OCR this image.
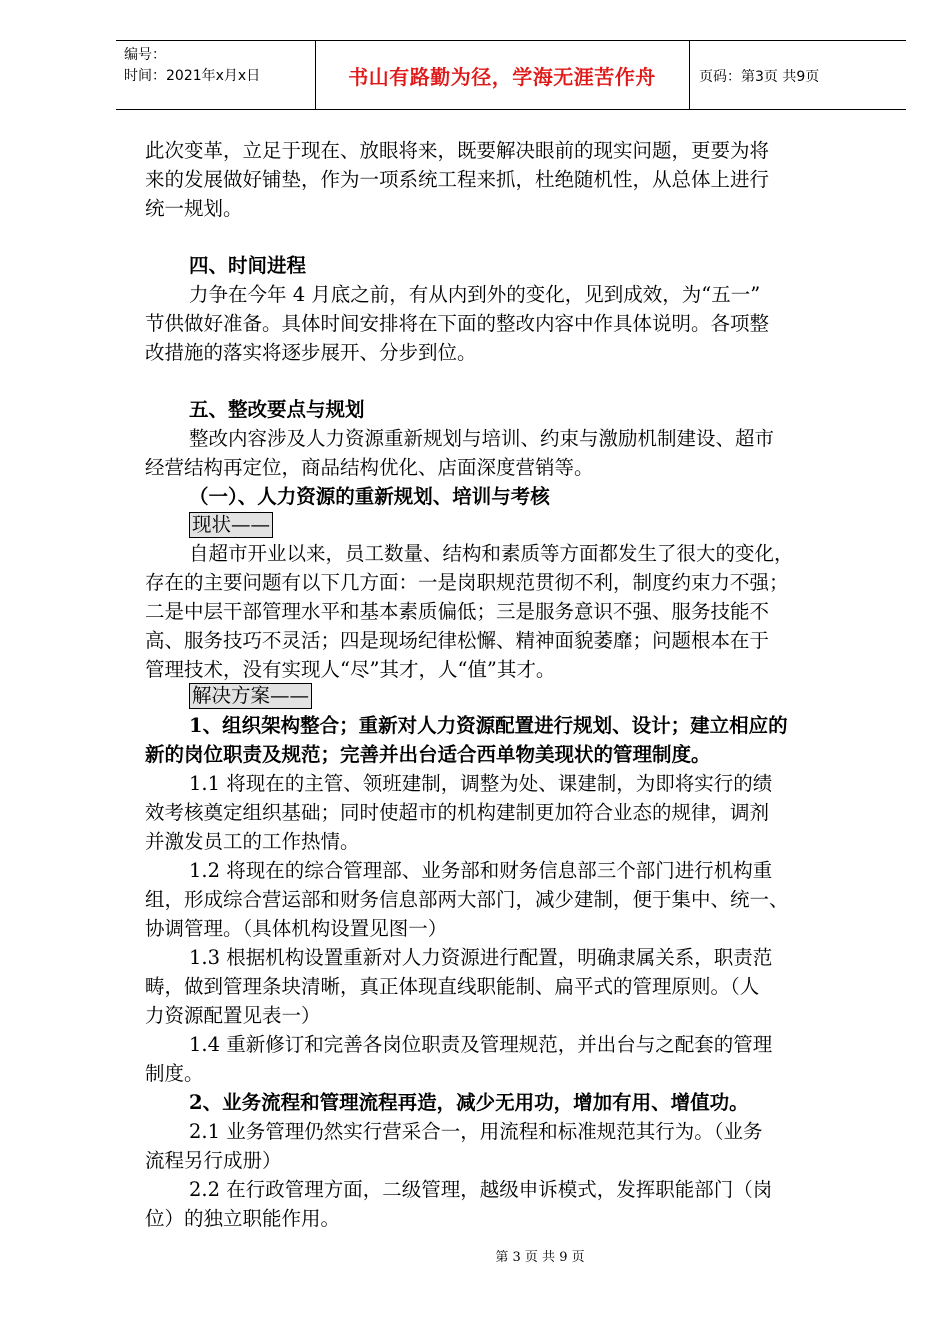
编号：
时间：2021年x月x日	书山有路勤为径，学海无涯苦作舟	页码：第3页 共9页
此次变革，立足于现在、放眼将来，既要解决眼前的现实问题，更要为将
来的发展做好铺垫，作为一项系统工程来抓，杜绝随机性，从总体上进行
统一规划。
四、时间进程
力争在今年 4 月底之前，有从内到外的变化，见到成效，为“五一”
节供做好准备。具体时间安排将在下面的整改内容中作具体说明。各项整
改措施的落实将逐步展开、分步到位。
五、整改要点与规划
整改内容涉及人力资源重新规划与培训、约束与激励机制建设、超市
经营结构再定位，商品结构优化、店面深度营销等。
（一）、人力资源的重新规划、培训与考核
现状——
自超市开业以来，员工数量、结构和素质等方面都发生了很大的变化，
存在的主要问题有以下几方面：一是岗职规范贯彻不利，制度约束力不强；
二是中层干部管理水平和基本素质偏低；三是服务意识不强、服务技能不
高、服务技巧不灵活；四是现场纪律松懈、精神面貌萎靡；问题根本在于
管理技术，没有实现人“尽”其才，人“值”其才。
解决方案——
1、组织架构整合；重新对人力资源配置进行规划、设计；建立相应的
新的岗位职责及规范；完善并出台适合西单物美现状的管理制度。
1.1 将现在的主管、领班建制，调整为处、课建制，为即将实行的绩
效考核奠定组织基础；同时使超市的机构建制更加符合业态的规律，调剂
并激发员工的工作热情。
1.2 将现在的综合管理部、业务部和财务信息部三个部门进行机构重
组，形成综合营运部和财务信息部两大部门，减少建制，便于集中、统一、
协调管理。（具体机构设置见图一）
1.3 根据机构设置重新对人力资源进行配置，明确隶属关系，职责范
畴，做到管理条块清晰，真正体现直线职能制、扁平式的管理原则。（人
力资源配置见表一）
1.4 重新修订和完善各岗位职责及管理规范，并出台与之配套的管理
制度。
2、业务流程和管理流程再造，减少无用功，增加有用、增值功。
2.1 业务管理仍然实行营采合一，用流程和标准规范其行为。（业务
流程另行成册）
2.2 在行政管理方面，二级管理，越级申诉模式，发挥职能部门（岗
位）的独立职能作用。
第 3 页 共 9 页
